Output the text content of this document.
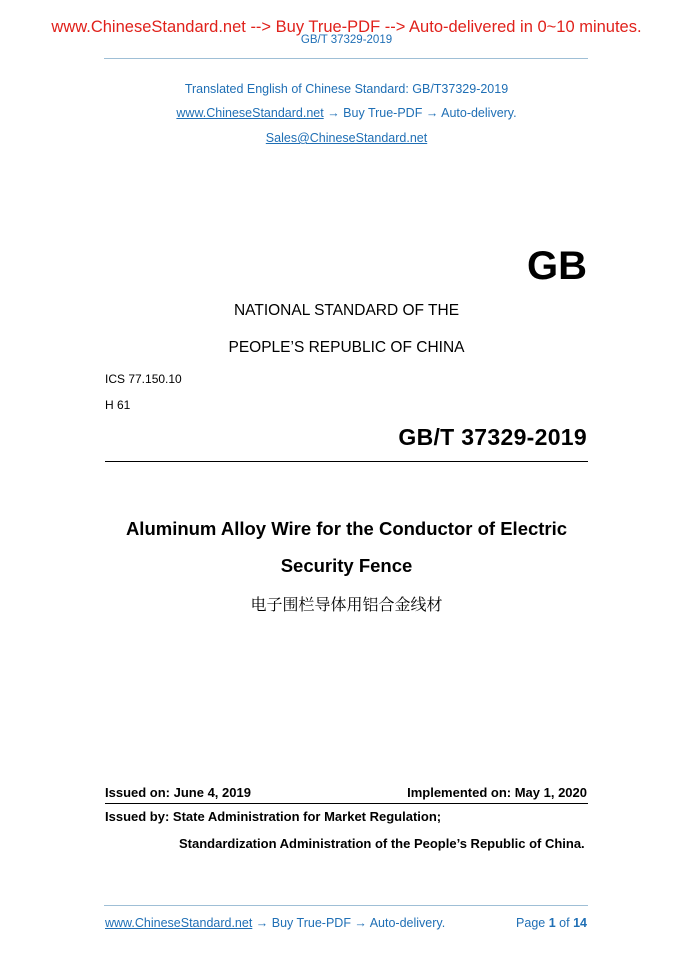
www.ChineseStandard.net --> Buy True-PDF --> Auto-delivered in 0~10 minutes.
GB/T 37329-2019
Translated English of Chinese Standard: GB/T37329-2019
www.ChineseStandard.net → Buy True-PDF → Auto-delivery.
Sales@ChineseStandard.net
GB
NATIONAL STANDARD OF THE
PEOPLE’S REPUBLIC OF CHINA
ICS 77.150.10
H 61
GB/T 37329-2019
Aluminum Alloy Wire for the Conductor of Electric
Security Fence
电子围栏导体用铝合金线材
Issued on: June 4, 2019	Implemented on: May 1, 2020
Issued by: State Administration for Market Regulation;
Standardization Administration of the People’s Republic of China.
www.ChineseStandard.net → Buy True-PDF → Auto-delivery.	Page 1 of 14
